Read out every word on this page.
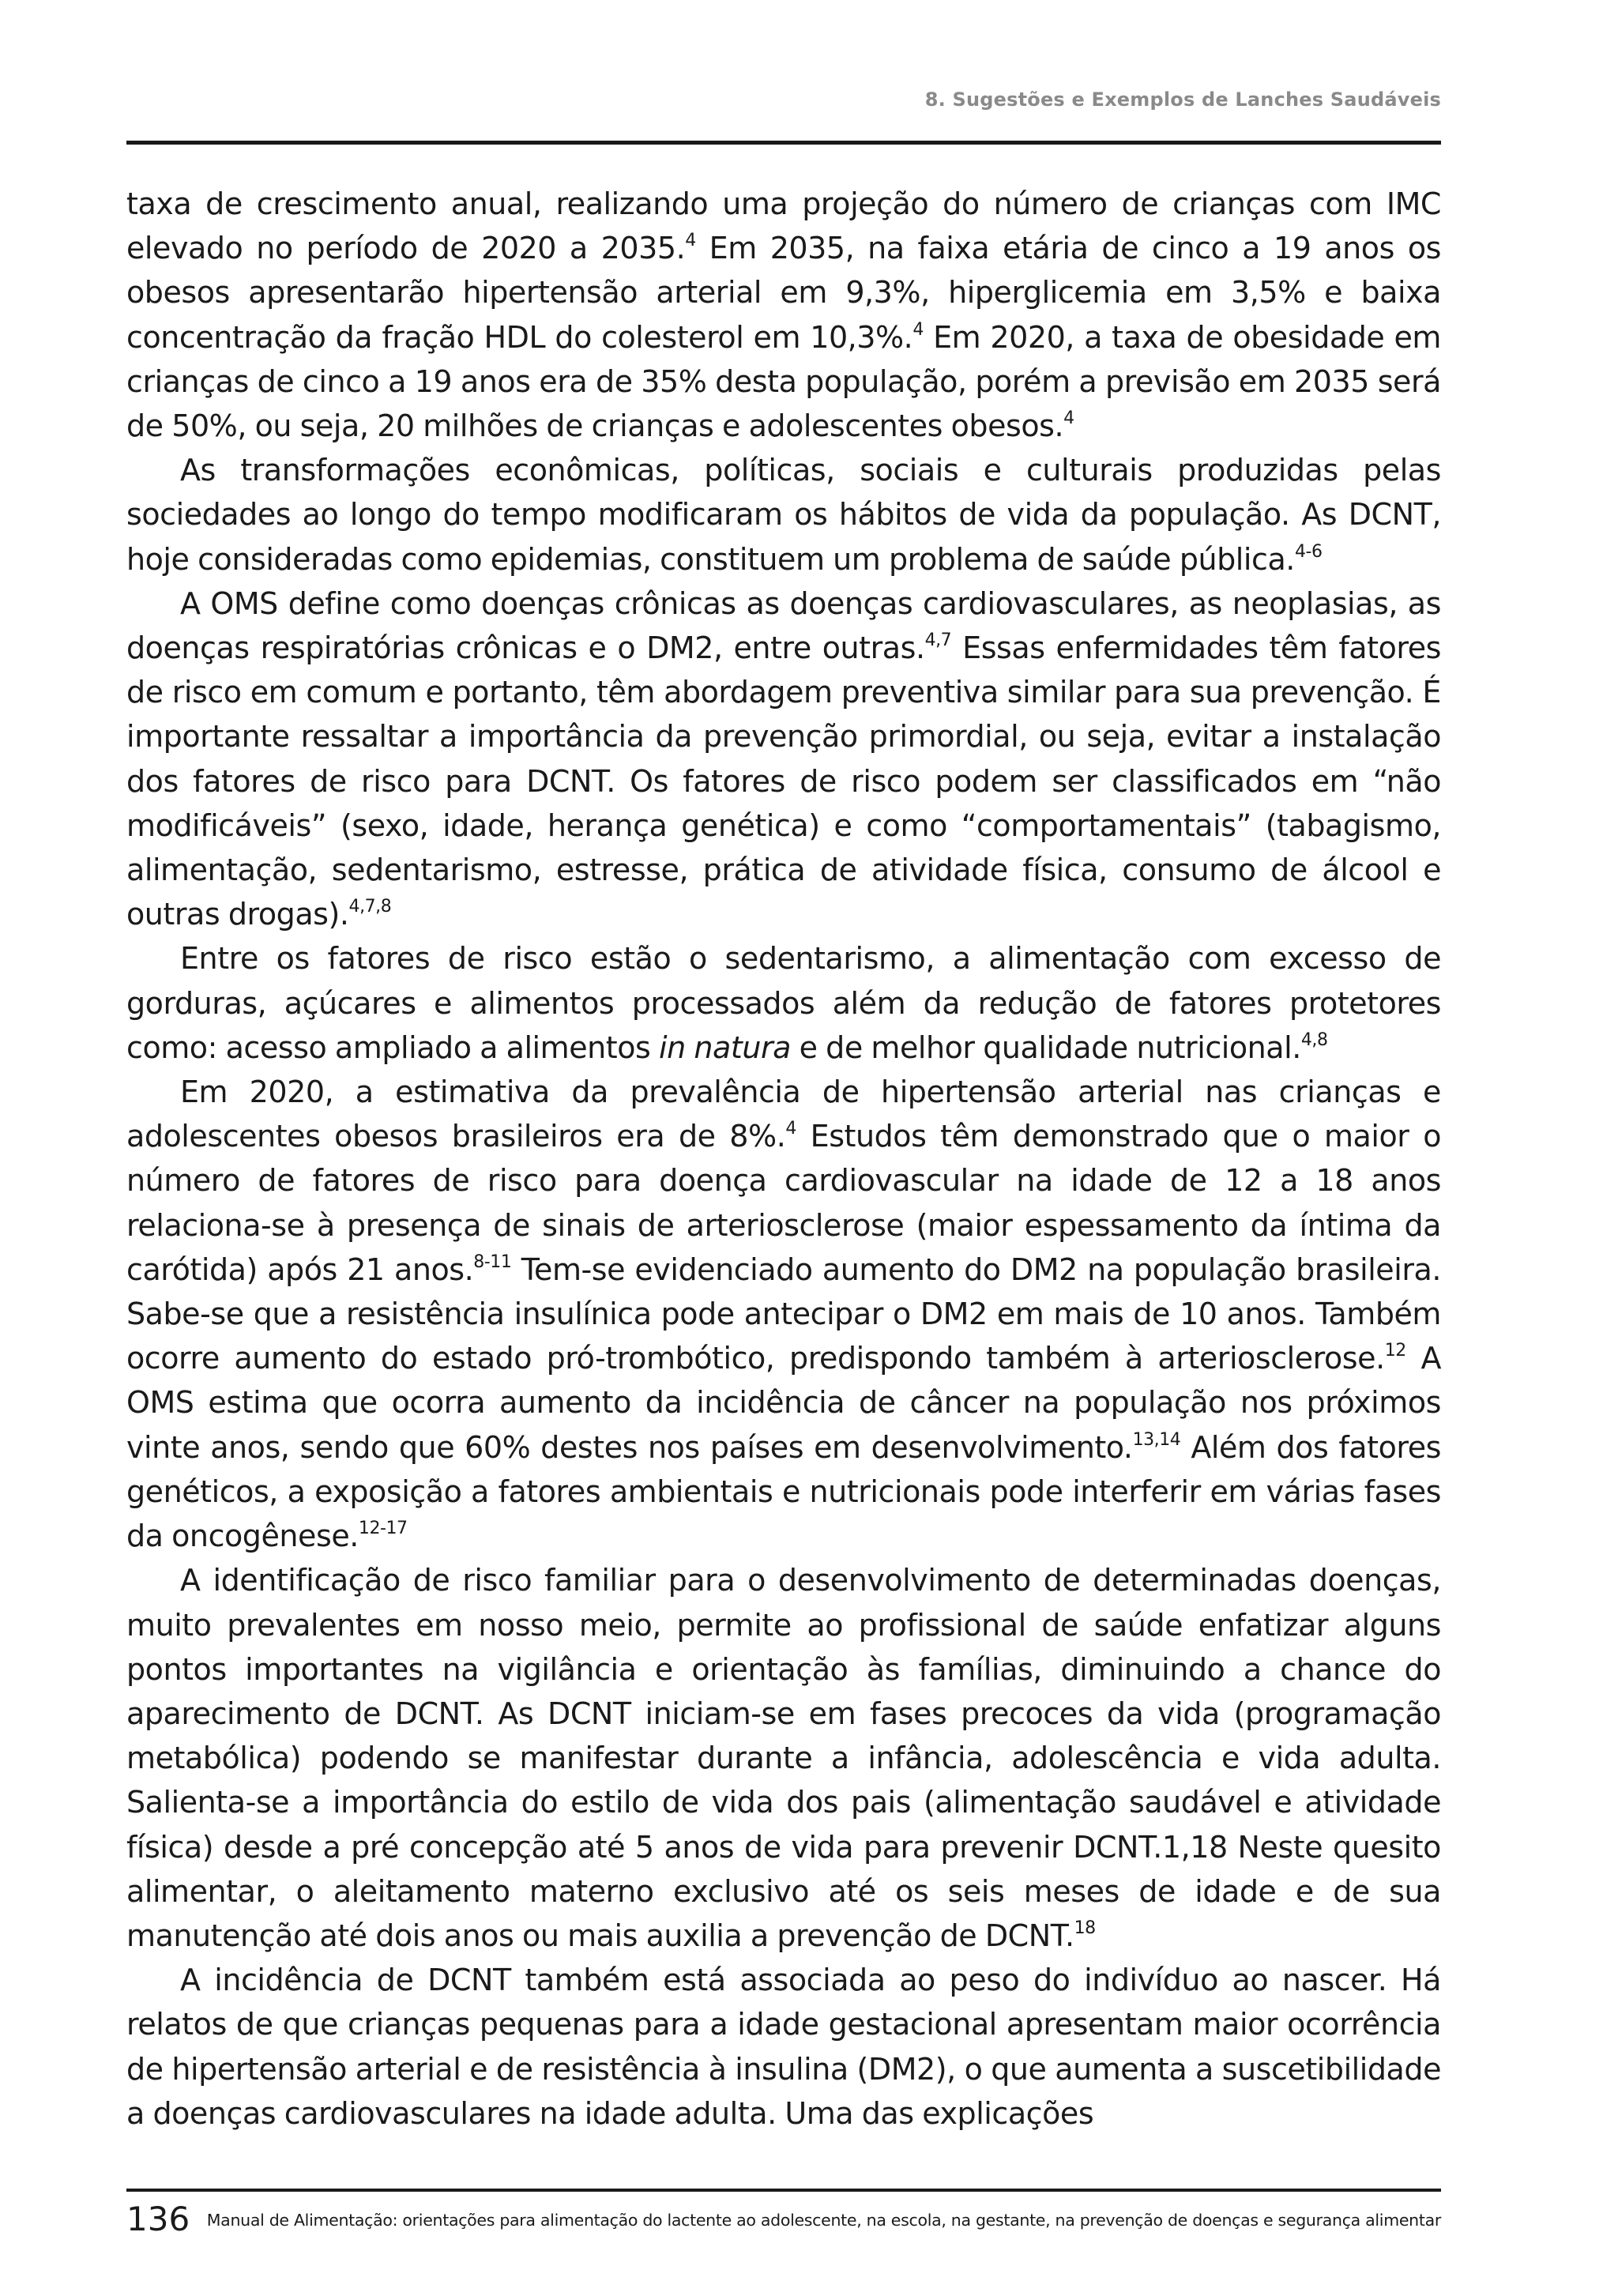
8. Sugestões e Exemplos de Lanches Saudáveis

taxa de crescimento anual, realizando uma projeção do número de crianças com IMC elevado no período de 2020 a 2035.$^4$ Em 2035, na faixa etária de cinco a 19 anos os obesos apresentarão hipertensão arterial em 9,3%, hiperglicemia em 3,5% e baixa concentração da fração HDL do colesterol em 10,3%.$^4$ Em 2020, a taxa de obesidade em crianças de cinco a 19 anos era de 35% desta população, porém a previsão em 2035 será de 50%, ou seja, 20 milhões de crianças e adolescentes obesos.$^4$

As transformações econômicas, políticas, sociais e culturais produzidas pelas sociedades ao longo do tempo modificaram os hábitos de vida da população. As DCNT, hoje consideradas como epidemias, constituem um problema de saúde pública.$^{4-6}$

A OMS define como doenças crônicas as doenças cardiovasculares, as neoplasias, as doenças respiratórias crônicas e o DM2, entre outras.$^{4,7}$ Essas enfermidades têm fatores de risco em comum e portanto, têm abordagem preventiva similar para sua prevenção. É importante ressaltar a importância da prevenção primordial, ou seja, evitar a instalação dos fatores de risco para DCNT. Os fatores de risco podem ser classificados em “não modificáveis” (sexo, idade, herança genética) e como “comportamentais” (tabagismo, alimentação, sedentarismo, estresse, prática de atividade física, consumo de álcool e outras drogas).$^{4,7,8}$

Entre os fatores de risco estão o sedentarismo, a alimentação com excesso de gorduras, açúcares e alimentos processados além da redução de fatores protetores como: acesso ampliado a alimentos in natura e de melhor qualidade nutricional.$^{4,8}$

Em 2020, a estimativa da prevalência de hipertensão arterial nas crianças e adolescentes obesos brasileiros era de 8%.$^4$ Estudos têm demonstrado que o maior o número de fatores de risco para doença cardiovascular na idade de 12 a 18 anos relaciona-se à presença de sinais de arteriosclerose (maior espessamento da íntima da carótida) após 21 anos.$^{8-11}$ Tem-se evidenciado aumento do DM2 na população brasileira. Sabe-se que a resistência insulínica pode antecipar o DM2 em mais de 10 anos. Também ocorre aumento do estado pró-trombótico, predispondo também à arteriosclerose.$^{12}$ A OMS estima que ocorra aumento da incidência de câncer na população nos próximos vinte anos, sendo que 60% destes nos países em desenvolvimento.$^{13,14}$ Além dos fatores genéticos, a exposição a fatores ambientais e nutricionais pode interferir em várias fases da oncogênese.$^{12-17}$

A identificação de risco familiar para o desenvolvimento de determinadas doenças, muito prevalentes em nosso meio, permite ao profissional de saúde enfatizar alguns pontos importantes na vigilância e orientação às famílias, diminuindo a chance do aparecimento de DCNT. As DCNT iniciam-se em fases precoces da vida (programação metabólica) podendo se manifestar durante a infância, adolescência e vida adulta. Salienta-se a importância do estilo de vida dos pais (alimentação saudável e atividade física) desde a pré concepção até 5 anos de vida para prevenir DCNT.1,18 Neste quesito alimentar, o aleitamento materno exclusivo até os seis meses de idade e de sua manutenção até dois anos ou mais auxilia a prevenção de DCNT.$^{18}$

A incidência de DCNT também está associada ao peso do indivíduo ao nascer. Há relatos de que crianças pequenas para a idade gestacional apresentam maior ocorrência de hipertensão arterial e de resistência à insulina (DM2), o que aumenta a suscetibilidade a doenças cardiovasculares na idade adulta. Uma das explicações

136 Manual de Alimentação: orientações para alimentação do lactente ao adolescente, na escola, na gestante, na prevenção de doenças e segurança alimentar
